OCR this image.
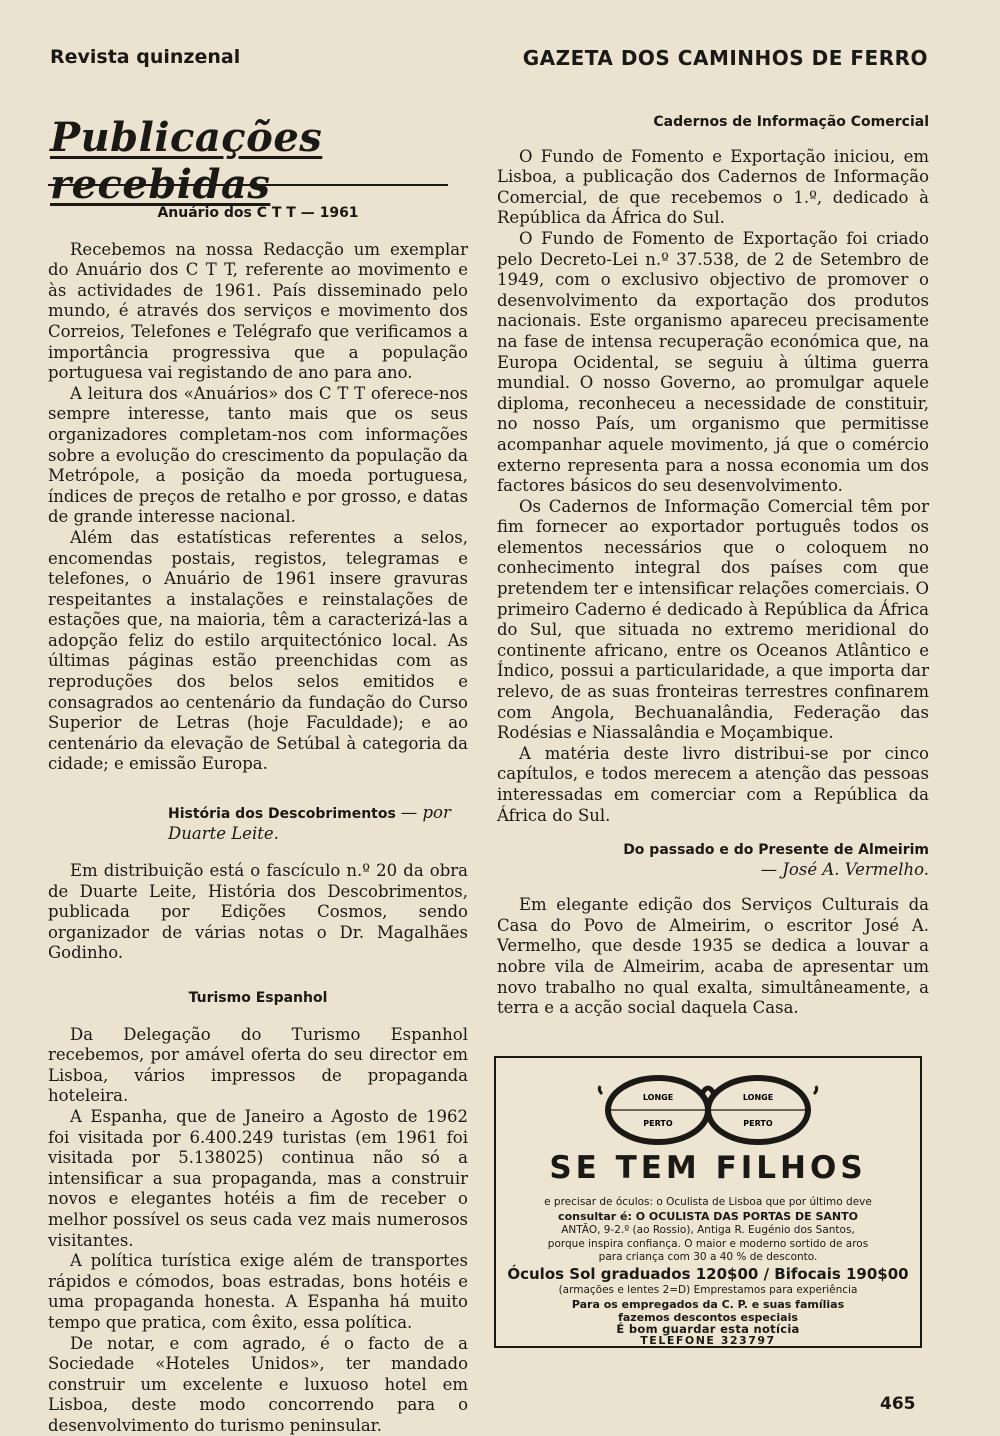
Revista quinzenal	GAZETA DOS CAMINHOS DE FERRO
Publicações recebidas
Anuário dos C T T — 1961

Recebemos na nossa Redacção um exemplar do Anuário dos C T T, referente ao movimento e às actividades de 1961. País disseminado pelo mundo, é através dos serviços e movimento dos Correios, Telefones e Telégrafo que verificamos a importância progressiva que a população portuguesa vai registando de ano para ano.

A leitura dos «Anuários» dos C T T oferece-nos sempre interesse, tanto mais que os seus organizadores completam-nos com informações sobre a evolução do crescimento da população da Metrópole, a posição da moeda portuguesa, índices de preços de retalho e por grosso, e datas de grande interesse nacional.

Além das estatísticas referentes a selos, encomendas postais, registos, telegramas e telefones, o Anuário de 1961 insere gravuras respeitantes a instalações e reinstalações de estações que, na maioria, têm a caracterizá-las a adopção feliz do estilo arquitectónico local. As últimas páginas estão preenchidas com as reproduções dos belos selos emitidos e consagrados ao centenário da fundação do Curso Superior de Letras (hoje Faculdade); e ao centenário da elevação de Setúbal à categoria da cidade; e emissão Europa.

História dos Descobrimentos — por Duarte Leite.

Em distribuição está o fascículo n.º 20 da obra de Duarte Leite, História dos Descobrimentos, publicada por Edições Cosmos, sendo organizador de várias notas o Dr. Magalhães Godinho.

Turismo Espanhol

Da Delegação do Turismo Espanhol recebemos, por amável oferta do seu director em Lisboa, vários impressos de propaganda hoteleira.

A Espanha, que de Janeiro a Agosto de 1962 foi visitada por 6.400.249 turistas (em 1961 foi visitada por 5.138025) continua não só a intensificar a sua propaganda, mas a construir novos e elegantes hotéis a fim de receber o melhor possível os seus cada vez mais numerosos visitantes.

A política turística exige além de transportes rápidos e cómodos, boas estradas, bons hotéis e uma propaganda honesta. A Espanha há muito tempo que pratica, com êxito, essa política.

De notar, e com agrado, é o facto de a Sociedade «Hoteles Unidos», ter mandado construir um excelente e luxuoso hotel em Lisboa, deste modo concorrendo para o desenvolvimento do turismo peninsular.

Cadernos de Informação Comercial

O Fundo de Fomento e Exportação iniciou, em Lisboa, a publicação dos Cadernos de Informação Comercial, de que recebemos o 1.º, dedicado à República da África do Sul.

O Fundo de Fomento de Exportação foi criado pelo Decreto-Lei n.º 37.538, de 2 de Setembro de 1949, com o exclusivo objectivo de promover o desenvolvimento da exportação dos produtos nacionais. Este organismo apareceu precisamente na fase de intensa recuperação económica que, na Europa Ocidental, se seguiu à última guerra mundial. O nosso Governo, ao promulgar aquele diploma, reconheceu a necessidade de constituir, no nosso País, um organismo que permitisse acompanhar aquele movimento, já que o comércio externo representa para a nossa economia um dos factores básicos do seu desenvolvimento.

Os Cadernos de Informação Comercial têm por fim fornecer ao exportador português todos os elementos necessários que o coloquem no conhecimento integral dos países com que pretendem ter e intensificar relações comerciais. O primeiro Caderno é dedicado à República da África do Sul, que situada no extremo meridional do continente africano, entre os Oceanos Atlântico e Índico, possui a particularidade, a que importa dar relevo, de as suas fronteiras terrestres confinarem com Angola, Bechuanalândia, Federação das Rodésias e Niassalândia e Moçambique.

A matéria deste livro distribui-se por cinco capítulos, e todos merecem a atenção das pessoas interessadas em comerciar com a República da África do Sul.

Do passado e do Presente de Almeirim
— José A. Vermelho.

Em elegante edição dos Serviços Culturais da Casa do Povo de Almeirim, o escritor José A. Vermelho, que desde 1935 se dedica a louvar a nobre vila de Almeirim, acaba de apresentar um novo trabalho no qual exalta, simultâneamente, a terra e a acção social daquela Casa.

LONGE
PERTO
LONGE
PERTO
SE TEM FILHOS
e precisar de óculos: o Oculista de Lisboa que por último deve
consultar é: O OCULISTA DAS PORTAS DE SANTO
ANTÃO, 9-2.º (ao Rossio), Antiga R. Eugénio dos Santos,
porque inspira confiança. O maior e moderno sortido de aros
para criança com 30 a 40 % de desconto.
Óculos Sol graduados 120$00 / Bifocais 190$00
(armações e lentes 2=D) Emprestamos para experiência
Para os empregados da C. P. e suas famílias
fazemos descontos especiais
É bom guardar esta notícia
TELEFONE 323797
465
